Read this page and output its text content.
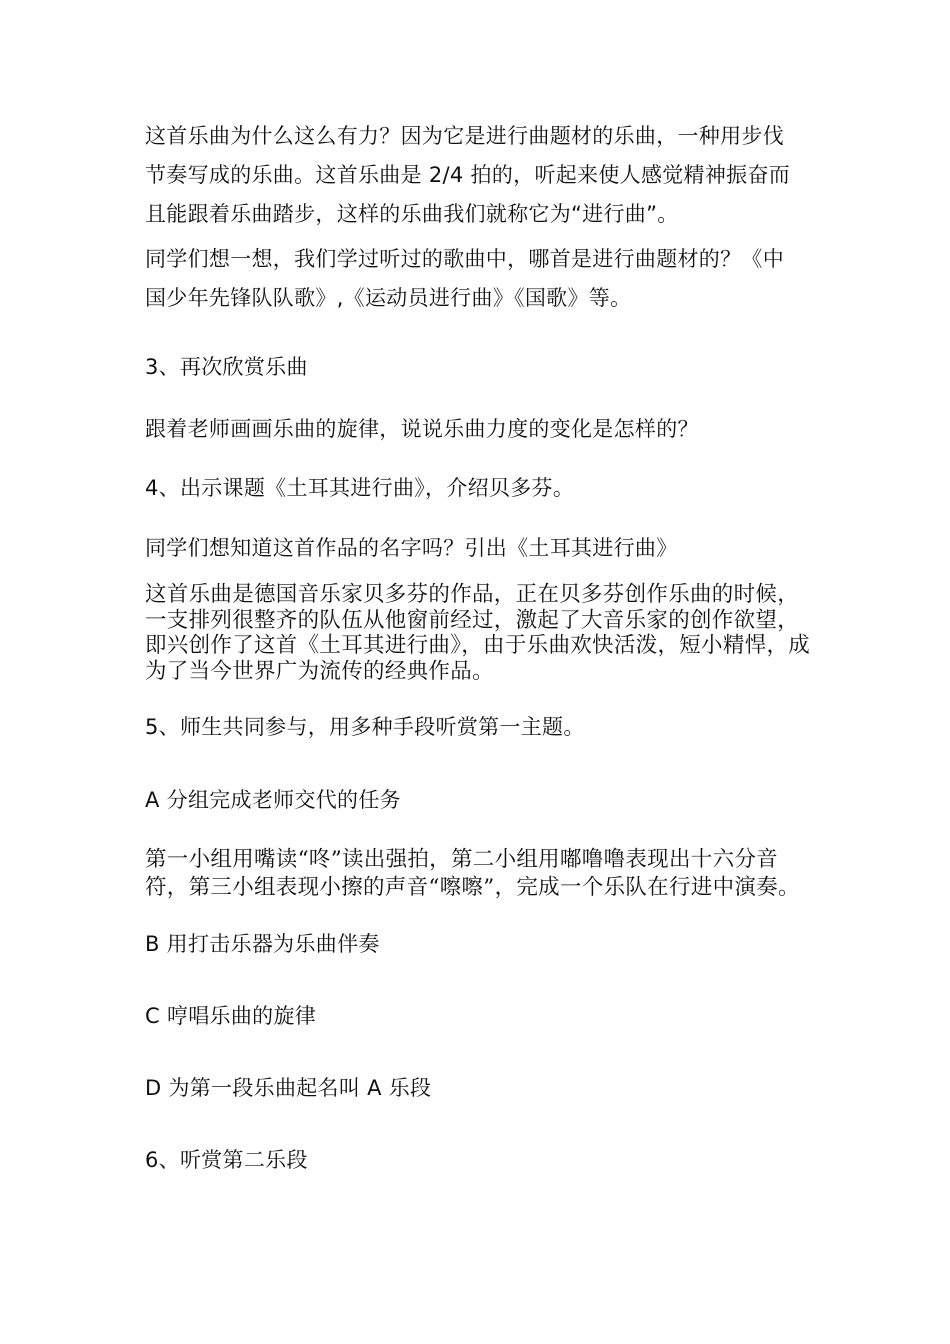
这首乐曲为什么这么有力？因为它是进行曲题材的乐曲，一种用步伐
节奏写成的乐曲。这首乐曲是 2/4 拍的，听起来使人感觉精神振奋而
且能跟着乐曲踏步，这样的乐曲我们就称它为“进行曲”。

同学们想一想，我们学过听过的歌曲中，哪首是进行曲题材的？《中
国少年先锋队队歌》,《运动员进行曲》《国歌》等。

3、再次欣赏乐曲

跟着老师画画乐曲的旋律，说说乐曲力度的变化是怎样的？

4、出示课题《土耳其进行曲》，介绍贝多芬。

同学们想知道这首作品的名字吗？引出《土耳其进行曲》

这首乐曲是德国音乐家贝多芬的作品，正在贝多芬创作乐曲的时候，
一支排列很整齐的队伍从他窗前经过，激起了大音乐家的创作欲望，
即兴创作了这首《土耳其进行曲》，由于乐曲欢快活泼，短小精悍，成
为了当今世界广为流传的经典作品。

5、师生共同参与，用多种手段听赏第一主题。

A 分组完成老师交代的任务

第一小组用嘴读“咚”读出强拍，第二小组用嘟噜噜表现出十六分音
符，第三小组表现小擦的声音“嚓嚓”，完成一个乐队在行进中演奏。

B 用打击乐器为乐曲伴奏

C 哼唱乐曲的旋律

D 为第一段乐曲起名叫 A 乐段

6、听赏第二乐段
